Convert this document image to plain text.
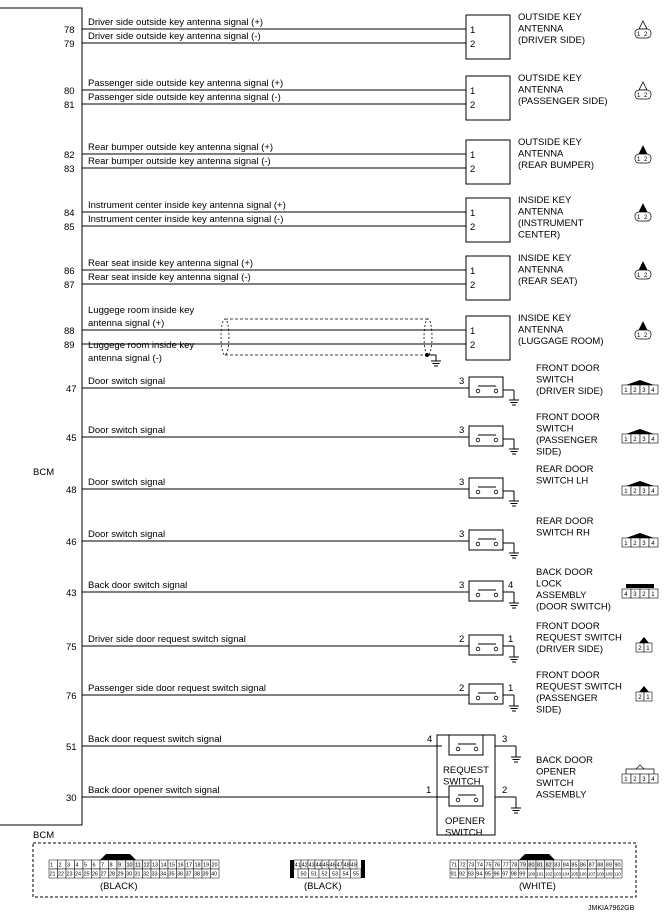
BCM
BCM
JMKIA7962GB
78
79
Driver side outside key antenna signal (+)
Driver side outside key antenna signal (-)
1
2
OUTSIDE KEY
ANTENNA
(DRIVER SIDE)	1 2
80
81
Passenger side outside key antenna signal (+)
Passenger side outside key antenna signal (-)
1
2
OUTSIDE KEY
ANTENNA
(PASSENGER SIDE)	1 2
82
83
Rear bumper outside key antenna signal (+)
Rear bumper outside key antenna signal (-)
1
2
OUTSIDE KEY
ANTENNA
(REAR BUMPER)	1 2
84
85
Instrument center inside key antenna signal (+)
Instrument center inside key antenna signal (-)
1
2
INSIDE KEY
ANTENNA
(INSTRUMENT
CENTER)
1 2
86
87
Rear seat inside key antenna signal (+)
Rear seat inside key antenna signal (-)
1
2
INSIDE KEY
ANTENNA
(REAR SEAT)	1 2
88
89
Luggege room inside key
antenna signal (+)
Luggege room inside key
antenna signal (-)
1
2
INSIDE KEY
ANTENNA
(LUGGAGE ROOM)	1 2
47
Door switch signal	3
FRONT DOOR
SWITCH
(DRIVER SIDE)	1 2 3 4
45
Door switch signal	3
FRONT DOOR
SWITCH
(PASSENGER
SIDE)
1 2 3 4
48
Door switch signal	3
REAR DOOR
SWITCH LH
1 2 3 4
46
Door switch signal	3
REAR DOOR
SWITCH RH
1 2 3 4
43
Back door switch signal	3	4
BACK DOOR
LOCK
ASSEMBLY
(DOOR SWITCH)
4 3 2 1
75
Driver side door request switch signal	2	1
FRONT DOOR
REQUEST SWITCH
(DRIVER SIDE)	2 1
76
Passenger side door request switch signal	2	1
FRONT DOOR
REQUEST SWITCH
(PASSENGER
SIDE)
2 1
51
Back door request switch signal	4
REQUEST
SWITCH
3
30
Back door opener switch signal	1
OPENER
SWITCH
2
BACK DOOR
OPENER
SWITCH
ASSEMBLY
1 2 3 4
1 2 3 4 5 6 7 8 9 10 11 12 13 14 15 16 17 18 19 20
21 22 23 24 25 26 27 28 29 30 31 32 33 34 35 36 37 38 39 40
(BLACK)
41 42 43 44 45 46 47 48 49
50 51 52 53 54 55
(BLACK)
71 72 73 74 75 76 77 78 79 80 81 82 83 84 85 86 87 88 89 90
91 92 93 94 95 96 97 98 99 100 101 102 103 104 105 106 107 108 109 110
(WHITE)
